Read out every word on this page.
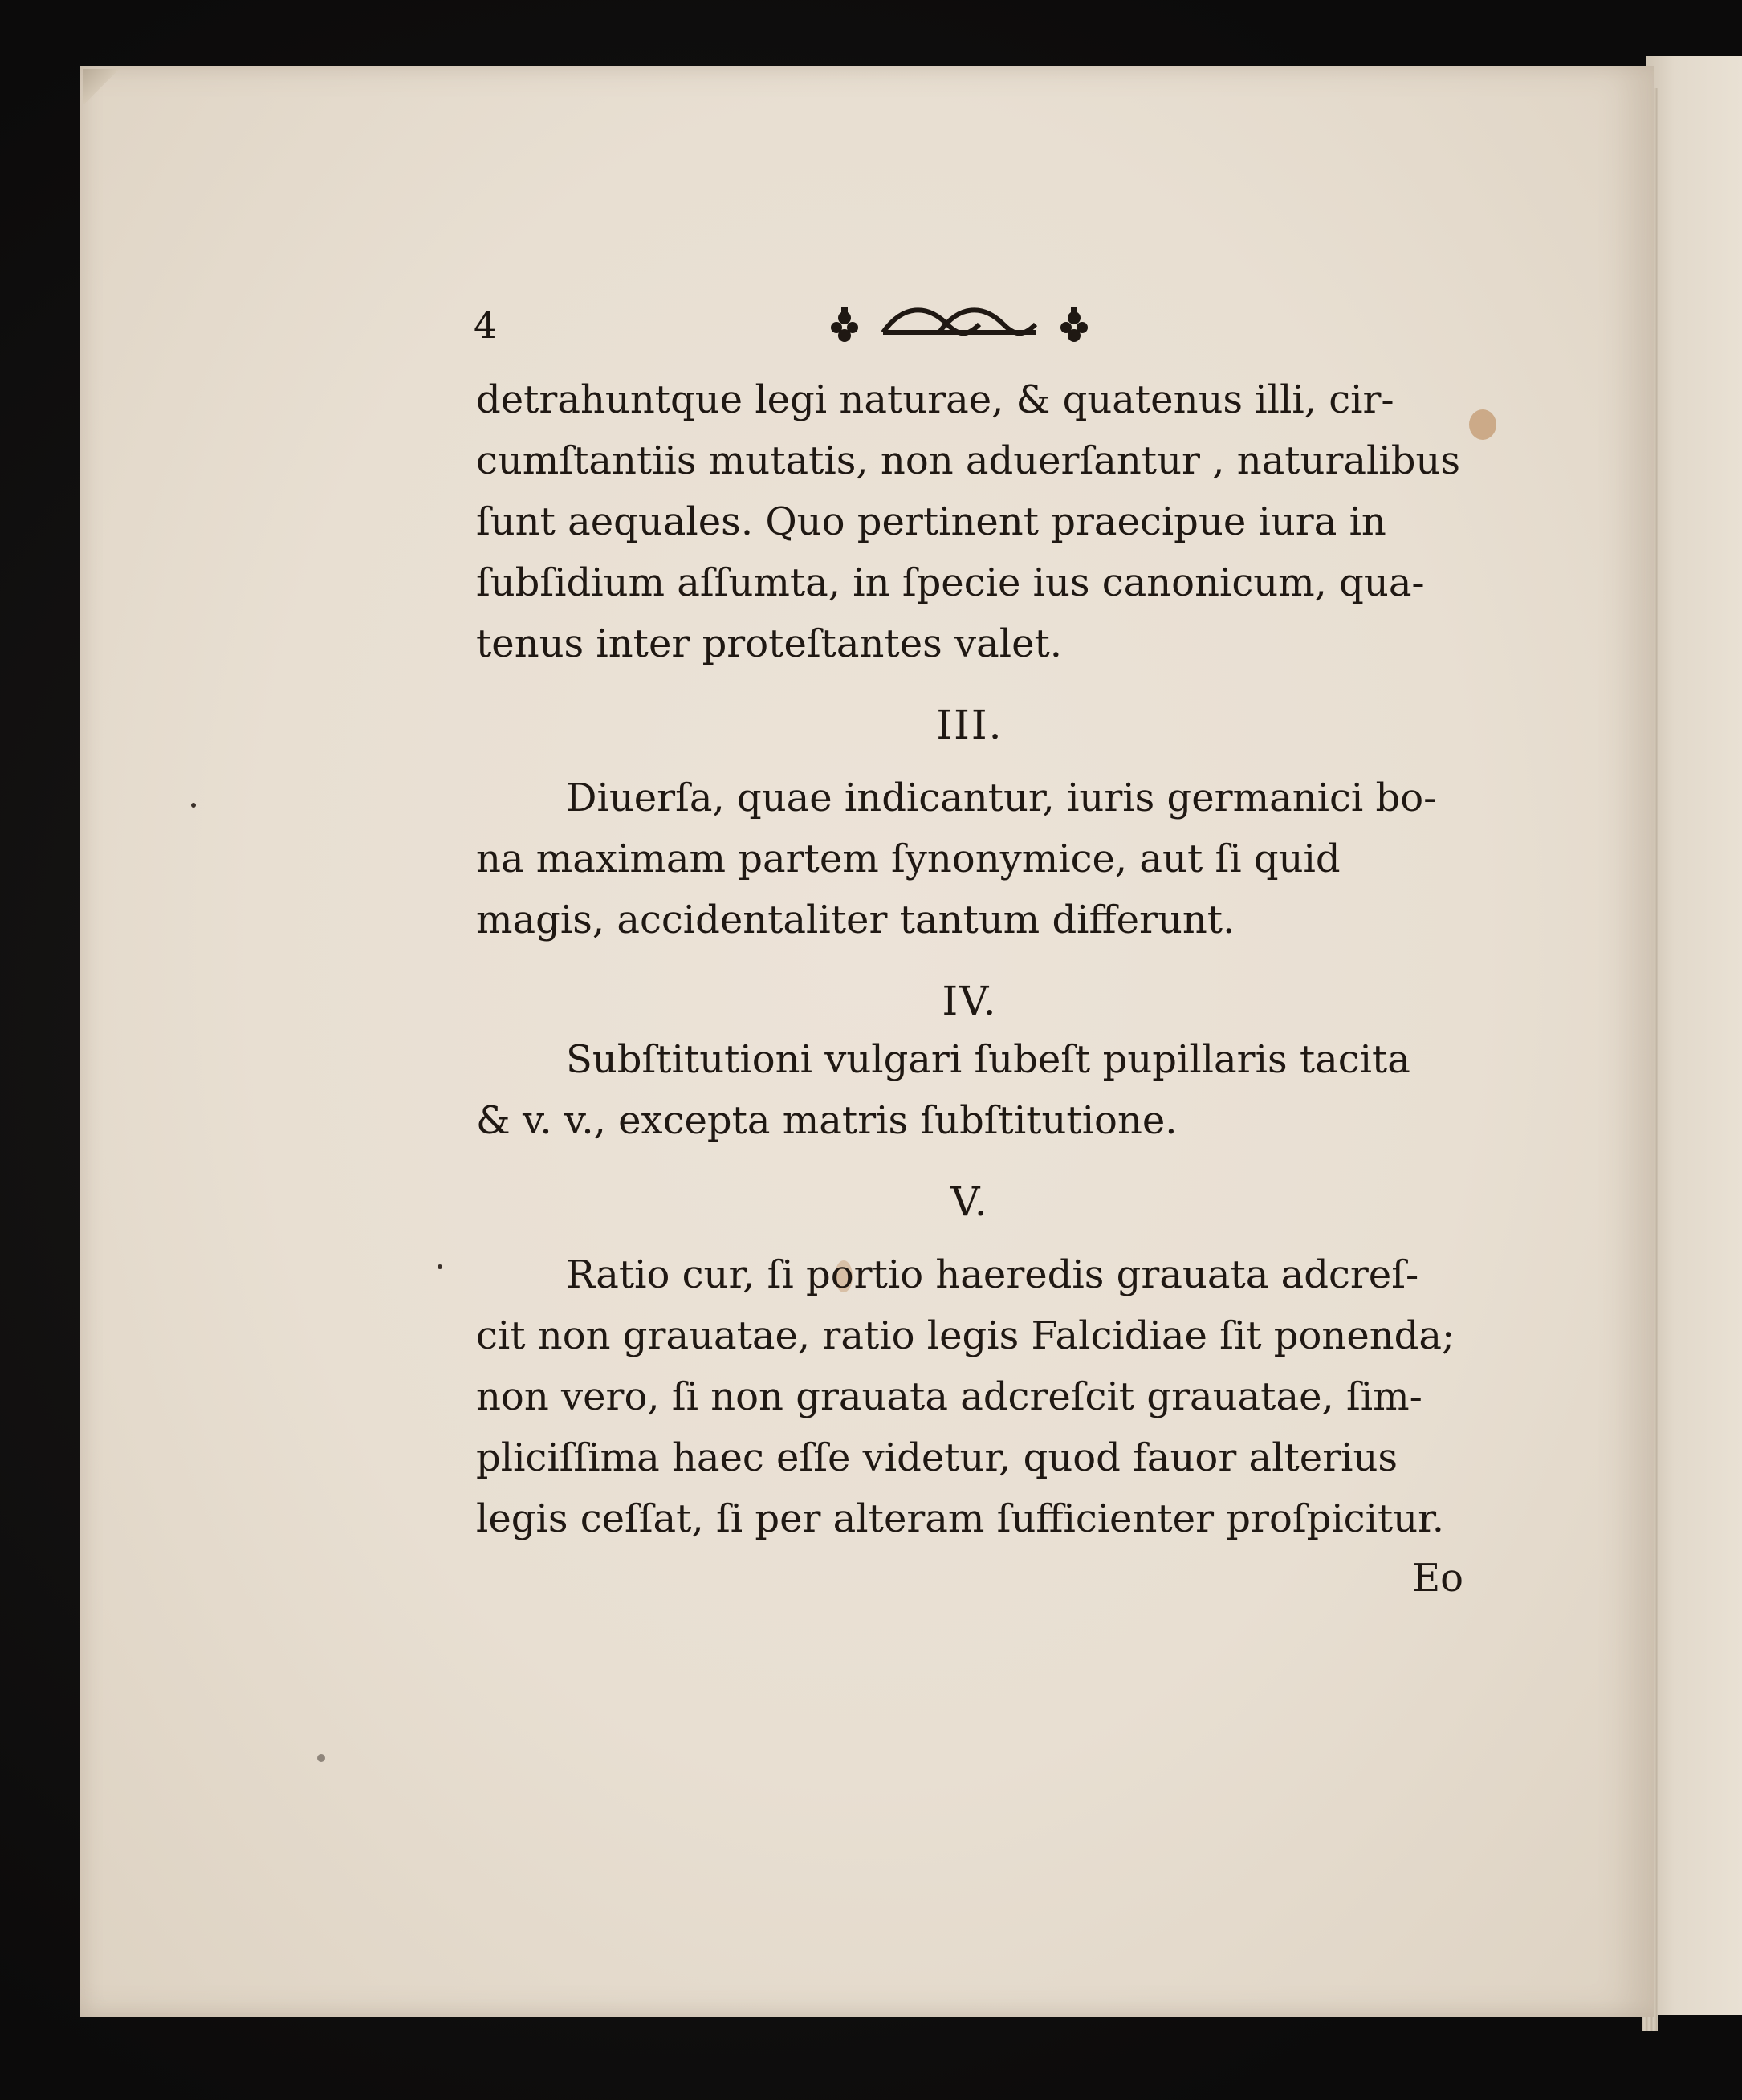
4

detrahuntque legi naturae, & quatenus illi, cir-
cumſtantiis mutatis, non aduerſantur , naturalibus
ſunt aequales. Quo pertinent praecipue iura in
ſubſidium aſſumta, in ſpecie ius canonicum, qua-
tenus inter proteſtantes valet.

III.

Diuerſa, quae indicantur, iuris germanici bo-
na maximam partem ſynonymice, aut ſi quid
magis, accidentaliter tantum differunt.

IV.

Subſtitutioni vulgari ſubeſt pupillaris tacita
& v. v., excepta matris ſubſtitutione.

V.

Ratio cur, ſi portio haeredis grauata adcreſ-
cit non grauatae, ratio legis Falcidiae ſit ponenda;
non vero, ſi non grauata adcreſcit grauatae, ſim-
pliciſſima haec eſſe videtur, quod fauor alterius
legis ceſſat, ſi per alteram ſufficienter proſpicitur.

Eo
